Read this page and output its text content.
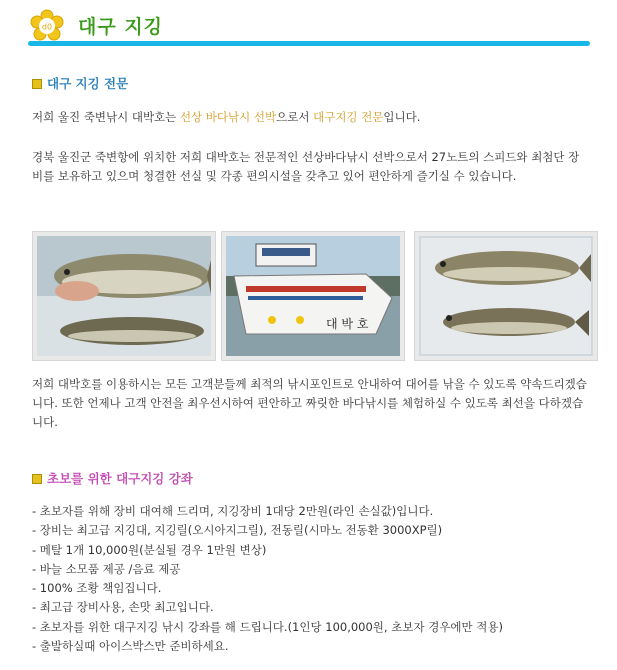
d0 대구 지깅
대구 지깅 전문
저희 울진 죽변낚시 대박호는 선상 바다낚시 선박으로서 대구지깅 전문입니다.
경북 울진군 죽변항에 위치한 저희 대박호는 전문적인 선상바다낚시 선박으로서 27노트의 스피드와 최첨단 장비를 보유하고 있으며 청결한 선실 및 각종 편의시설을 갖추고 있어 편안하게 즐기실 수 있습니다.
대 박 호
저희 대박호를 이용하시는 모든 고객분들께 최적의 낚시포인트로 안내하여 대어를 낚을 수 있도록 약속드리겠습니다. 또한 언제나 고객 안전을 최우선시하여 편안하고 짜릿한 바다낚시를 체험하실 수 있도록 최선을 다하겠습니다.
초보를 위한 대구지깅 강좌
- 초보자를 위해 장비 대여해 드리며, 지깅장비 1대당 2만원(라인 손실값)입니다.
- 장비는 최고급 지깅대, 지깅릴(오시아지그릴), 전동릴(시마노 전동환 3000XP릴)
- 메탈 1개 10,000원(분실될 경우 1만원 변상)
- 바늘 소모품 제공 /음료 제공
- 100% 조황 책임집니다.
- 최고급 장비사용, 손맛 최고입니다.
- 초보자를 위한 대구지깅 낚시 강좌를 해 드립니다.(1인당 100,000원, 초보자 경우에만 적용)
- 출발하실때 아이스박스만 준비하세요.
